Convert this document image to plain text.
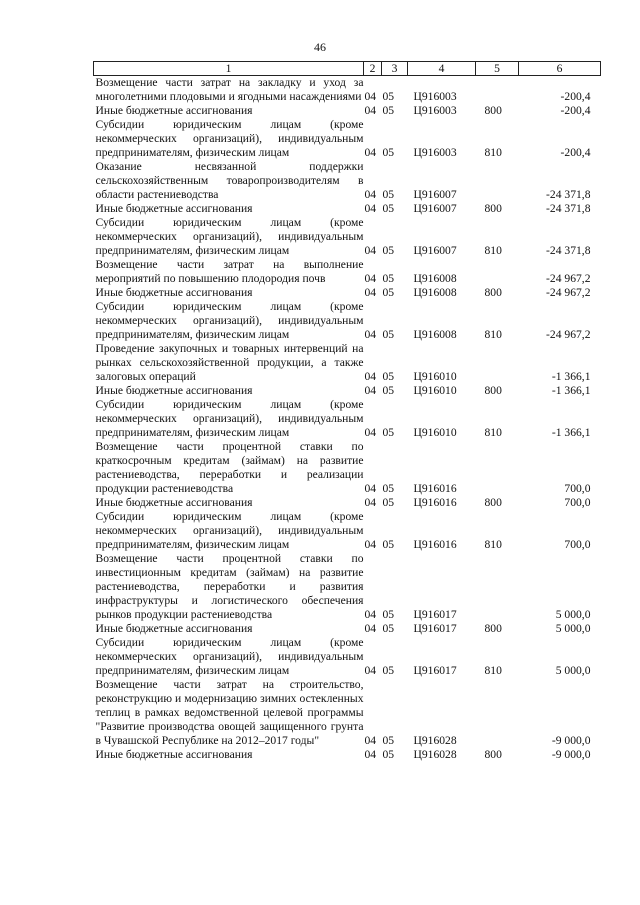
46
1	2	3	4	5	6
Возмещение части затрат на закладку и уход за многолетними плодовыми и ягодными насаждениями	04	05	Ц916003		-200,4
Иные бюджетные ассигнования	04	05	Ц916003	800	-200,4
Субсидии юридическим лицам (кроме некоммерческих организаций), индивидуальным предпринимателям, физическим лицам	04	05	Ц916003	810	-200,4
Оказание несвязанной поддержки сельскохозяйственным товаропроизводителям в области растениеводства	04	05	Ц916007		-24 371,8
Иные бюджетные ассигнования	04	05	Ц916007	800	-24 371,8
Субсидии юридическим лицам (кроме некоммерческих организаций), индивидуальным предпринимателям, физическим лицам	04	05	Ц916007	810	-24 371,8
Возмещение части затрат на выполнение мероприятий по повышению плодородия почв	04	05	Ц916008		-24 967,2
Иные бюджетные ассигнования	04	05	Ц916008	800	-24 967,2
Субсидии юридическим лицам (кроме некоммерческих организаций), индивидуальным предпринимателям, физическим лицам	04	05	Ц916008	810	-24 967,2
Проведение закупочных и товарных интервенций на рынках сельскохозяйственной продукции, а также залоговых операций	04	05	Ц916010		-1 366,1
Иные бюджетные ассигнования	04	05	Ц916010	800	-1 366,1
Субсидии юридическим лицам (кроме некоммерческих организаций), индивидуальным предпринимателям, физическим лицам	04	05	Ц916010	810	-1 366,1
Возмещение части процентной ставки по краткосрочным кредитам (займам) на развитие растениеводства, переработки и реализации продукции растениеводства	04	05	Ц916016		700,0
Иные бюджетные ассигнования	04	05	Ц916016	800	700,0
Субсидии юридическим лицам (кроме некоммерческих организаций), индивидуальным предпринимателям, физическим лицам	04	05	Ц916016	810	700,0
Возмещение части процентной ставки по инвестиционным кредитам (займам) на развитие растениеводства, переработки и развития инфраструктуры и логистического обеспечения рынков продукции растениеводства	04	05	Ц916017		5 000,0
Иные бюджетные ассигнования	04	05	Ц916017	800	5 000,0
Субсидии юридическим лицам (кроме некоммерческих организаций), индивидуальным предпринимателям, физическим лицам	04	05	Ц916017	810	5 000,0
Возмещение части затрат на строительство, реконструкцию и модернизацию зимних остекленных теплиц в рамках ведомственной целевой программы "Развитие производства овощей защищенного грунта в Чувашской Республике на 2012–2017 годы"	04	05	Ц916028		-9 000,0
Иные бюджетные ассигнования	04	05	Ц916028	800	-9 000,0
